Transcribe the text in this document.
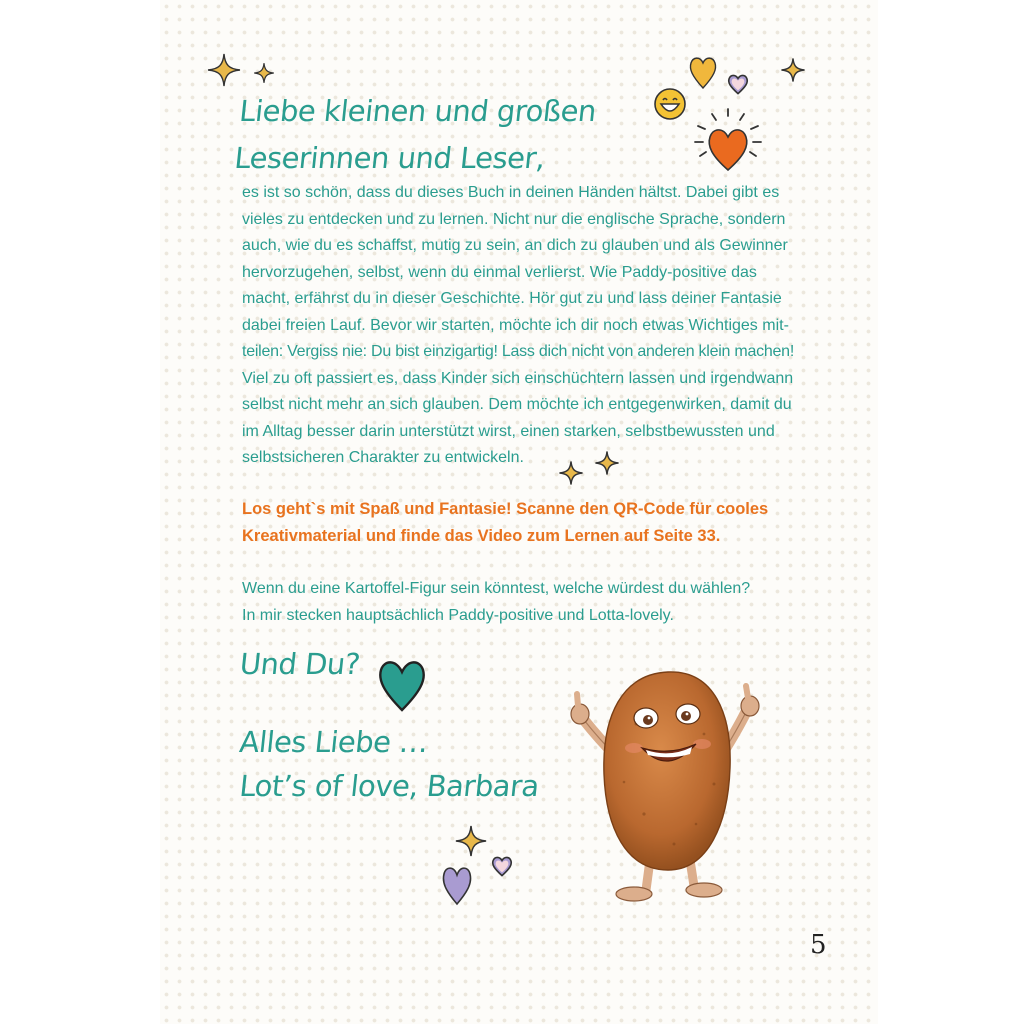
Liebe kleinen und großen
Leserinnen und Leser,

es ist so schön, dass du dieses Buch in deinen Händen hältst. Dabei gibt es
vieles zu entdecken und zu lernen. Nicht nur die englische Sprache, sondern
auch, wie du es schaffst, mutig zu sein, an dich zu glauben und als Gewinner
hervorzugehen, selbst, wenn du einmal verlierst. Wie Paddy-positive das
macht, erfährst du in dieser Geschichte. Hör gut zu und lass deiner Fantasie
dabei freien Lauf. Bevor wir starten, möchte ich dir noch etwas Wichtiges mit-
teilen: Vergiss nie: Du bist einzigartig! Lass dich nicht von anderen klein machen!
Viel zu oft passiert es, dass Kinder sich einschüchtern lassen und irgendwann
selbst nicht mehr an sich glauben. Dem möchte ich entgegenwirken, damit du
im Alltag besser darin unterstützt wirst, einen starken, selbstbewussten und
selbstsicheren Charakter zu entwickeln.

Los geht`s mit Spaß und Fantasie! Scanne den QR-Code für cooles
Kreativmaterial und finde das Video zum Lernen auf Seite 33.

Wenn du eine Kartoffel-Figur sein könntest, welche würdest du wählen?
In mir stecken hauptsächlich Paddy-positive und Lotta-lovely.

Und Du?
Alles Liebe …
Lot’s of love, Barbara

5
